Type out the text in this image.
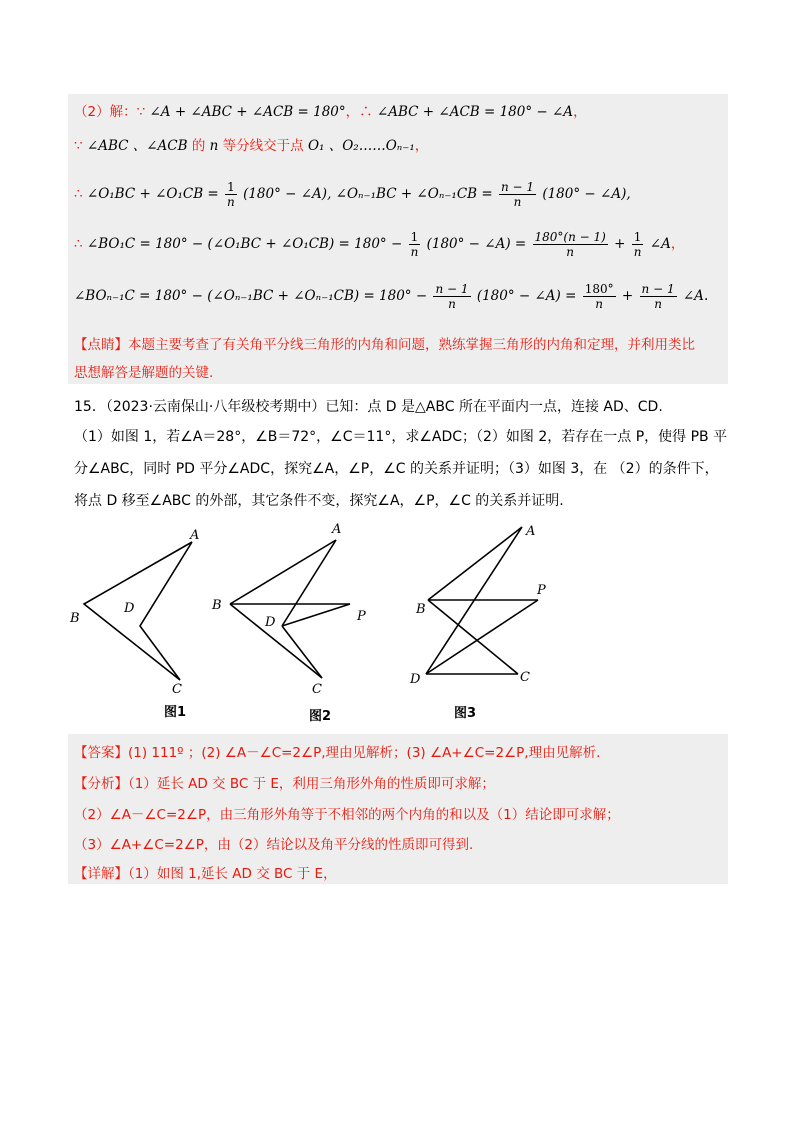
（2）解：∵ ∠A + ∠ABC + ∠ACB = 180°，∴ ∠ABC + ∠ACB = 180° − ∠A，
∵ ∠ABC 、∠ACB 的 n 等分线交于点 O₁ 、O₂……Oₙ₋₁，
∴ ∠O₁BC + ∠O₁CB = $\frac{1}{n} (180^\circ$ − ∠A), ∠Oₙ₋₁BC + ∠Oₙ₋₁CB = $\frac{n - 1}{n} (180^\circ$ − ∠A),
∴ ∠BO₁C = 180° − (∠O₁BC + ∠O₁CB) = $180^\circ - \frac{1}{n} (180^\circ$ − ∠A) = $\frac{180^\circ(n - 1)}{n} + \frac{1}{n}$ ∠A，
∠BOₙ₋₁C = 180° − (∠Oₙ₋₁BC + ∠Oₙ₋₁CB) = $180^\circ - \frac{n - 1}{n} (180^\circ$ − ∠A) = $\frac{180^\circ}{n} + \frac{n - 1}{n}$ ∠A.
【点睛】本题主要考查了有关角平分线三角形的内角和问题，熟练掌握三角形的内角和定理，并利用类比
思想解答是解题的关键.
15．（2023·云南保山·八年级校考期中）已知：点 D 是△ABC 所在平面内一点，连接 AD、CD.
（1）如图 1，若∠A＝28°，∠B＝72°，∠C＝11°，求∠ADC；（2）如图 2，若存在一点 P，使得 PB 平
分∠ABC，同时 PD 平分∠ADC，探究∠A，∠P，∠C 的关系并证明；（3）如图 3，在 （2）的条件下，
将点 D 移至∠ABC 的外部，其它条件不变，探究∠A，∠P，∠C 的关系并证明.
A
B
D
C
图1
A
B
D	P
C
图2
A
B
P
D	C
图3
【答案】(1) 111º ；(2) ∠A－∠C=2∠P,理由见解析；(3) ∠A+∠C=2∠P,理由见解析.
【分析】（1）延长 AD 交 BC 于 E，利用三角形外角的性质即可求解；
（2）∠A－∠C=2∠P，由三角形外角等于不相邻的两个内角的和以及（1）结论即可求解；
（3）∠A+∠C=2∠P，由（2）结论以及角平分线的性质即可得到.
【详解】（1）如图 1,延长 AD 交 BC 于 E，
